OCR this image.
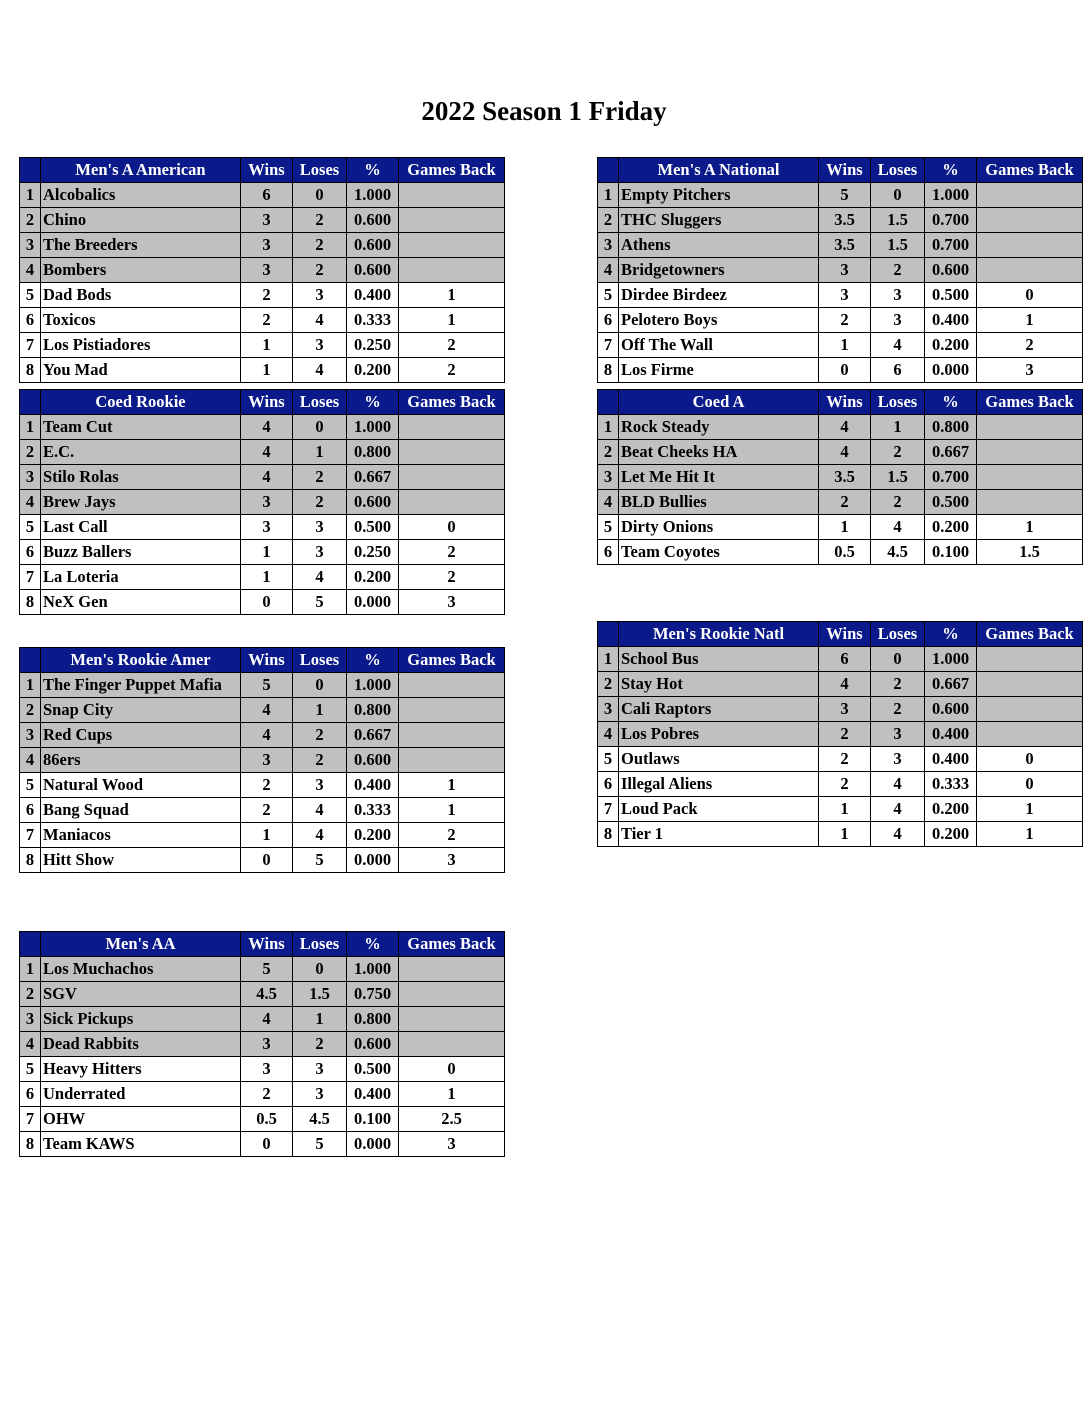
2022 Season 1 Friday
	Men's A American	Wins	Loses	%	Games Back
1	Alcobalics	6	0	1.000	
2	Chino	3	2	0.600	
3	The Breeders	3	2	0.600	
4	Bombers	3	2	0.600	
5	Dad Bods	2	3	0.400	1
6	Toxicos	2	4	0.333	1
7	Los Pistiadores	1	3	0.250	2
8	You Mad	1	4	0.200	2
	Coed Rookie	Wins	Loses	%	Games Back
1	Team Cut	4	0	1.000	
2	E.C.	4	1	0.800	
3	Stilo Rolas	4	2	0.667	
4	Brew Jays	3	2	0.600	
5	Last Call	3	3	0.500	0
6	Buzz Ballers	1	3	0.250	2
7	La Loteria	1	4	0.200	2
8	NeX Gen	0	5	0.000	3
	Men's Rookie Amer	Wins	Loses	%	Games Back
1	The Finger Puppet Mafia	5	0	1.000	
2	Snap City	4	1	0.800	
3	Red Cups	4	2	0.667	
4	86ers	3	2	0.600	
5	Natural Wood	2	3	0.400	1
6	Bang Squad	2	4	0.333	1
7	Maniacos	1	4	0.200	2
8	Hitt Show	0	5	0.000	3
	Men's AA	Wins	Loses	%	Games Back
1	Los Muchachos	5	0	1.000	
2	SGV	4.5	1.5	0.750	
3	Sick Pickups	4	1	0.800	
4	Dead Rabbits	3	2	0.600	
5	Heavy Hitters	3	3	0.500	0
6	Underrated	2	3	0.400	1
7	OHW	0.5	4.5	0.100	2.5
8	Team KAWS	0	5	0.000	3
	Men's A National	Wins	Loses	%	Games Back
1	Empty Pitchers	5	0	1.000	
2	THC Sluggers	3.5	1.5	0.700	
3	Athens	3.5	1.5	0.700	
4	Bridgetowners	3	2	0.600	
5	Dirdee Birdeez	3	3	0.500	0
6	Pelotero Boys	2	3	0.400	1
7	Off The Wall	1	4	0.200	2
8	Los Firme	0	6	0.000	3
	Coed A	Wins	Loses	%	Games Back
1	Rock Steady	4	1	0.800	
2	Beat Cheeks HA	4	2	0.667	
3	Let Me Hit It	3.5	1.5	0.700	
4	BLD Bullies	2	2	0.500	
5	Dirty Onions	1	4	0.200	1
6	Team Coyotes	0.5	4.5	0.100	1.5
	Men's Rookie Natl	Wins	Loses	%	Games Back
1	School Bus	6	0	1.000	
2	Stay Hot	4	2	0.667	
3	Cali Raptors	3	2	0.600	
4	Los Pobres	2	3	0.400	
5	Outlaws	2	3	0.400	0
6	Illegal Aliens	2	4	0.333	0
7	Loud Pack	1	4	0.200	1
8	Tier 1	1	4	0.200	1
